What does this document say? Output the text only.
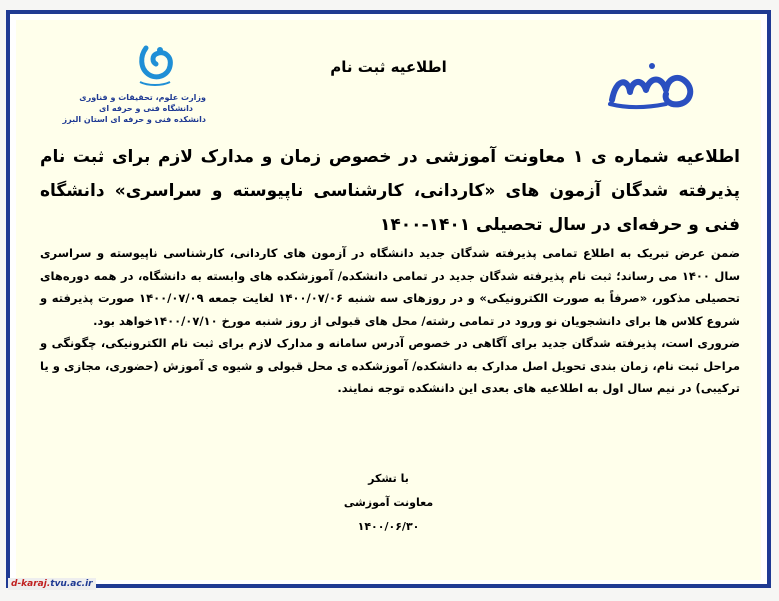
وزارت علوم، تحقیقات و فناوری
دانشگاه فنی و حرفه ای
دانشکده فنی و حرفه ای استان البرز
اطلاعیه ثبت نام
اطلاعیه شماره ی ۱ معاونت آموزشی در خصوص زمان و مدارک لازم برای ثبت نام
پذیرفته شدگان آزمون های «کاردانی، کارشناسی ناپیوسته و سراسری» دانشگاه
فنی و حرفه‌ای در سال تحصیلی ۱۴۰۱-۱۴۰۰

ضمن عرض تبریک به اطلاع تمامی پذیرفته شدگان جدید دانشگاه در آزمون های کاردانی، کارشناسی ناپیوسته و سراسری سال ۱۴۰۰ می رساند؛ ثبت نام پذیرفته شدگان جدید در تمامی دانشکده/ آموزشکده های وابسته به دانشگاه، در همه دوره‌های تحصیلی مذکور، «صرفاً به صورت الکترونیکی» و در روزهای سه شنبه ۱۴۰۰/۰۷/۰۶ لغایت جمعه ۱۴۰۰/۰۷/۰۹ صورت پذیرفته و شروع کلاس ها برای دانشجویان نو ورود در تمامی رشته/ محل های قبولی از روز شنبه مورخ ۱۴۰۰/۰۷/۱۰خواهد بود.

ضروری است، پذیرفته شدگان جدید برای آگاهی در خصوص آدرس سامانه و مدارک لازم برای ثبت نام الکترونیکی، چگونگی و مراحل ثبت نام، زمان بندی تحویل اصل مدارک به دانشکده/ آموزشکده ی محل قبولی و شیوه ی آموزش (حضوری، مجازی و یا ترکیبی) در نیم سال اول به اطلاعیه های بعدی این دانشکده توجه نمایند.

با تشکر
معاونت آموزشی
۱۴۰۰/۰۶/۳۰
d-karaj.tvu.ac.ir
